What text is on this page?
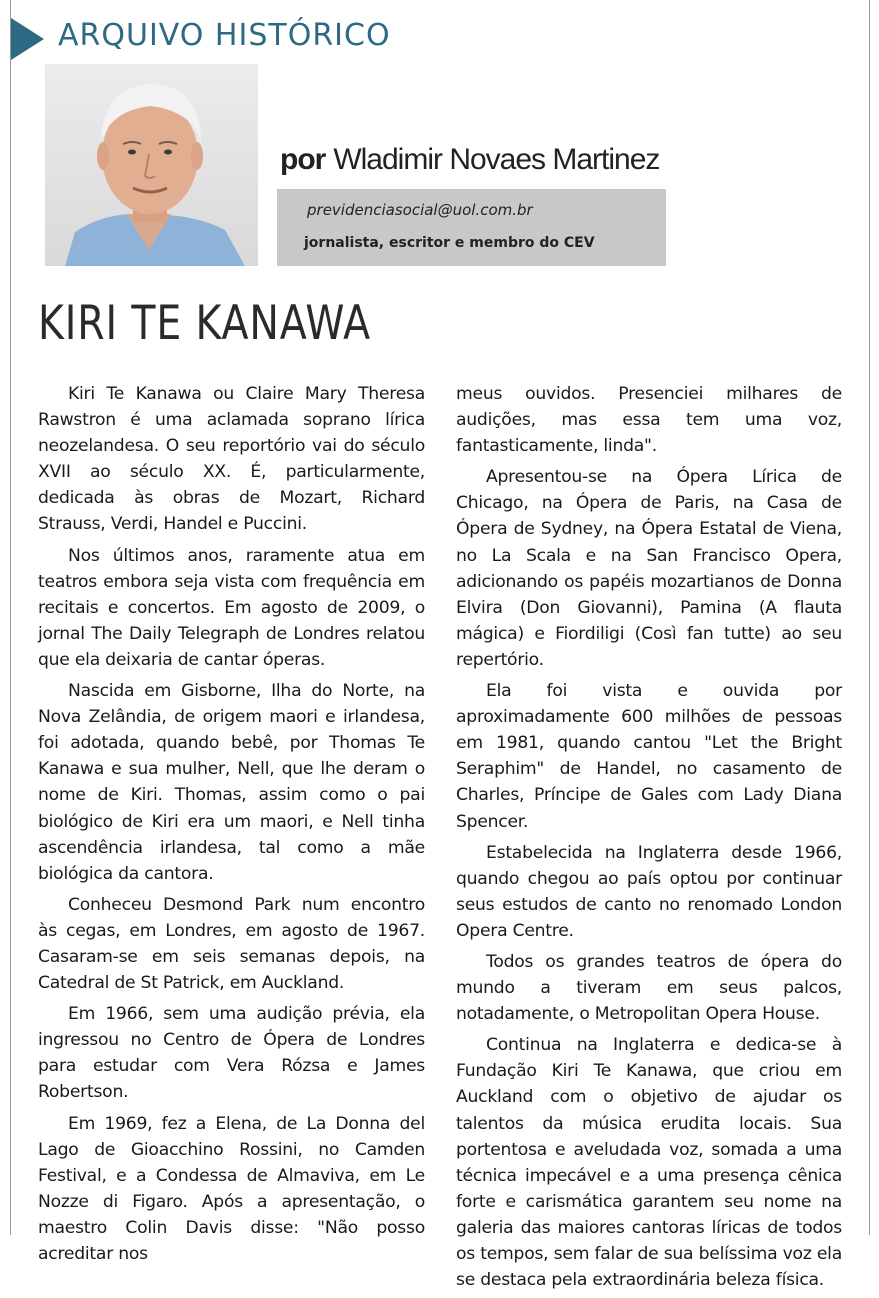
ARQUIVO HISTÓRICO
por Wladimir Novaes Martinez
previdenciasocial@uol.com.br
jornalista, escritor e membro do CEV
KIRI TE KANAWA

Kiri Te Kanawa ou Claire Mary Theresa Rawstron é uma aclamada soprano lírica neozelandesa. O seu reportório vai do século XVII ao século XX. É, particularmente, dedicada às obras de Mozart, Richard Strauss, Verdi, Handel e Puccini.

Nos últimos anos, raramente atua em teatros embora seja vista com frequência em recitais e concertos. Em agosto de 2009, o jornal The Daily Telegraph de Londres relatou que ela deixaria de cantar óperas.

Nascida em Gisborne, Ilha do Norte, na Nova Zelândia, de origem maori e irlandesa, foi adotada, quando bebê, por Thomas Te Kanawa e sua mulher, Nell, que lhe deram o nome de Kiri. Thomas, assim como o pai biológico de Kiri era um maori, e Nell tinha ascendência irlandesa, tal como a mãe biológica da cantora.

Conheceu Desmond Park num encontro às cegas, em Londres, em agosto de 1967. Casaram-se em seis semanas depois, na Catedral de St Patrick, em Auckland.

Em 1966, sem uma audição prévia, ela ingressou no Centro de Ópera de Londres para estudar com Vera Rózsa e James Robertson.

Em 1969, fez a Elena, de La Donna del Lago de Gioacchino Rossini, no Camden Festival, e a Condessa de Almaviva, em Le Nozze di Figaro. Após a apresentação, o maestro Colin Davis disse: "Não posso acreditar nos

meus ouvidos. Presenciei milhares de audições, mas essa tem uma voz, fantasticamente, linda".

Apresentou-se na Ópera Lírica de Chicago, na Ópera de Paris, na Casa de Ópera de Sydney, na Ópera Estatal de Viena, no La Scala e na San Francisco Opera, adicionando os papéis mozartianos de Donna Elvira (Don Giovanni), Pamina (A flauta mágica) e Fiordiligi (Così fan tutte) ao seu repertório.

Ela foi vista e ouvida por aproximadamente 600 milhões de pessoas em 1981, quando cantou "Let the Bright Seraphim" de Handel, no casamento de Charles, Príncipe de Gales com Lady Diana Spencer.

Estabelecida na Inglaterra desde 1966, quando chegou ao país optou por continuar seus estudos de canto no renomado London Opera Centre.

Todos os grandes teatros de ópera do mundo a tiveram em seus palcos, notadamente, o Metropolitan Opera House.

Continua na Inglaterra e dedica-se à Fundação Kiri Te Kanawa, que criou em Auckland com o objetivo de ajudar os talentos da música erudita locais. Sua portentosa e aveludada voz, somada a uma técnica impecável e a uma presença cênica forte e carismática garantem seu nome na galeria das maiores cantoras líricas de todos os tempos, sem falar de sua belíssima voz ela se destaca pela extraordinária beleza física.
